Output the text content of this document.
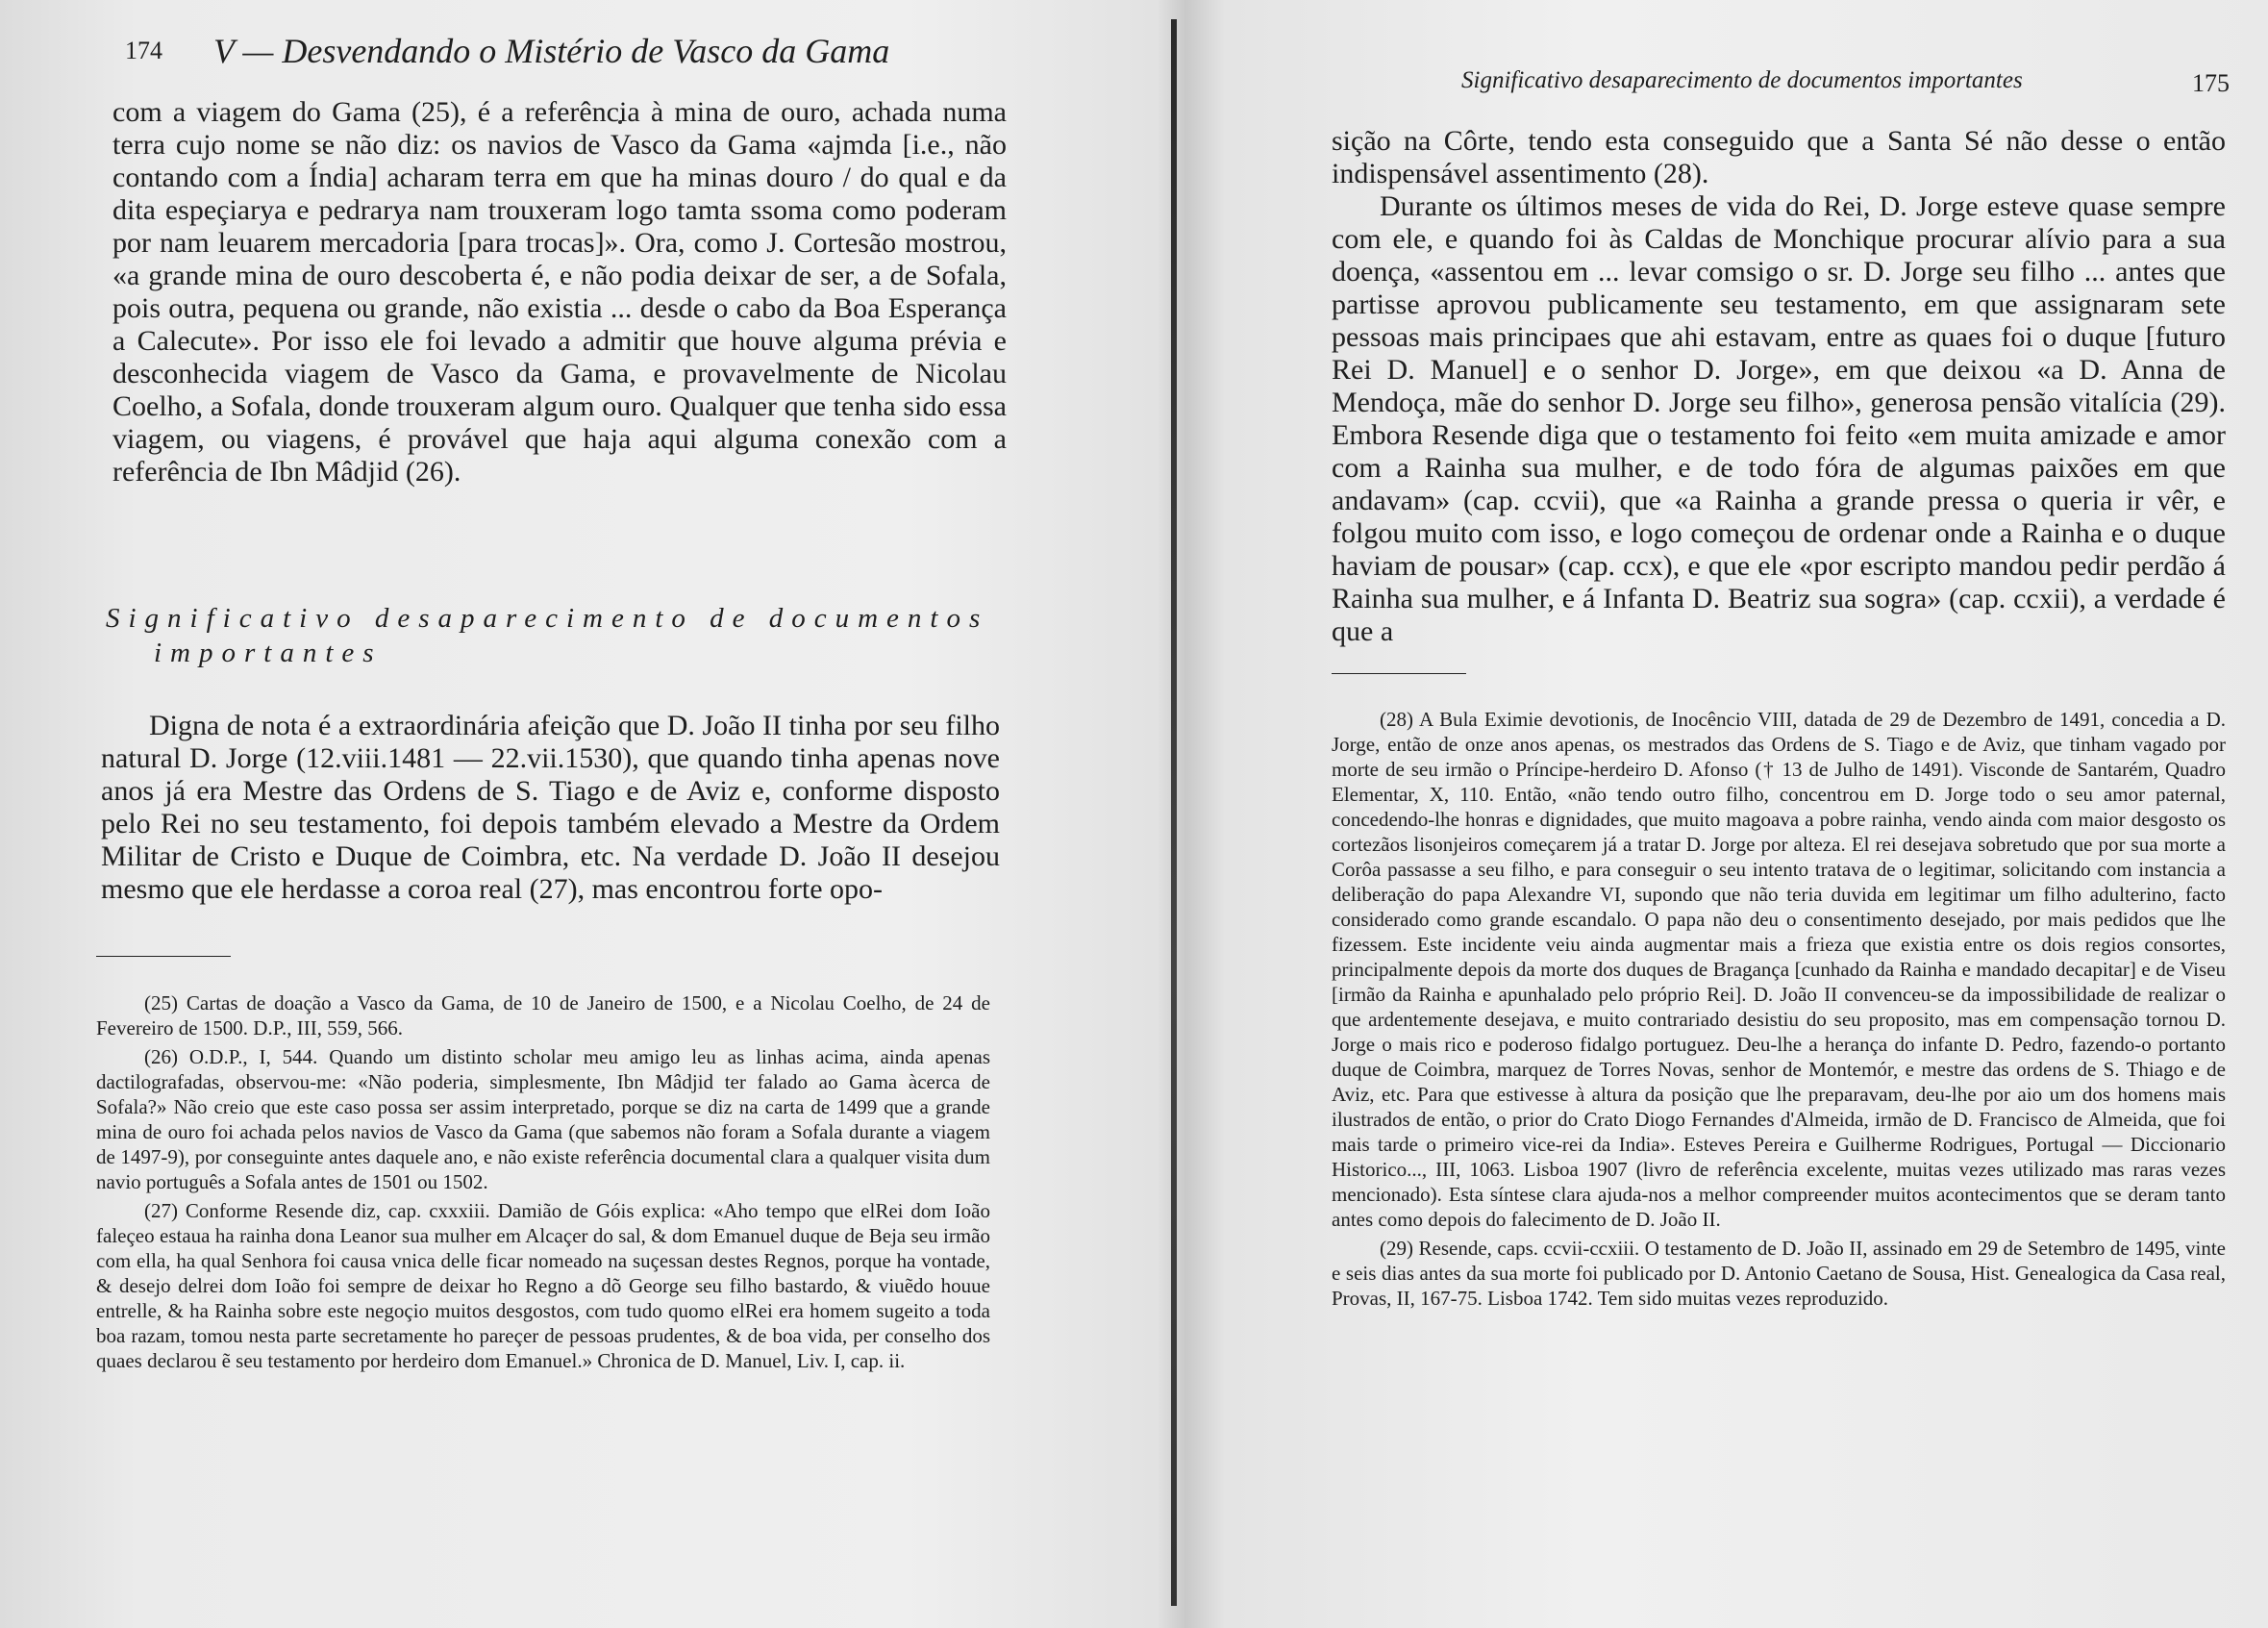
174 V — Desvendando o Mistério de Vasco da Gama

com a viagem do Gama (25), é a referência à mina de ouro, achada numa terra cujo nome se não diz: os navios de Vasco da Gama «ajmda [i.e., não contando com a Índia] acharam terra em que ha minas douro / do qual e da dita espeçiarya e pedrarya nam trouxeram logo tamta ssoma como poderam por nam leuarem mercadoria [para trocas]». Ora, como J. Cortesão mostrou, «a grande mina de ouro descoberta é, e não podia deixar de ser, a de Sofala, pois outra, pequena ou grande, não existia ... desde o cabo da Boa Esperança a Calecute». Por isso ele foi levado a admitir que houve alguma prévia e desconhecida viagem de Vasco da Gama, e provavelmente de Nicolau Coelho, a Sofala, donde trouxeram algum ouro. Qualquer que tenha sido essa viagem, ou viagens, é provável que haja aqui alguma conexão com a referência de Ibn Mâdjid (26).

Significativo desaparecimento de documentos
importantes

Digna de nota é a extraordinária afeição que D. João II tinha por seu filho natural D. Jorge (12.viii.1481 — 22.vii.1530), que quando tinha apenas nove anos já era Mestre das Ordens de S. Tiago e de Aviz e, conforme disposto pelo Rei no seu testamento, foi depois também elevado a Mestre da Ordem Militar de Cristo e Duque de Coimbra, etc. Na verdade D. João II desejou mesmo que ele herdasse a coroa real (27), mas encontrou forte opo-

(25) Cartas de doação a Vasco da Gama, de 10 de Janeiro de 1500, e a Nicolau Coelho, de 24 de Fevereiro de 1500. D.P., III, 559, 566.

(26) O.D.P., I, 544. Quando um distinto scholar meu amigo leu as linhas acima, ainda apenas dactilografadas, observou-me: «Não poderia, simplesmente, Ibn Mâdjid ter falado ao Gama àcerca de Sofala?» Não creio que este caso possa ser assim interpretado, porque se diz na carta de 1499 que a grande mina de ouro foi achada pelos navios de Vasco da Gama (que sabemos não foram a Sofala durante a viagem de 1497-9), por conseguinte antes daquele ano, e não existe referência documental clara a qualquer visita dum navio português a Sofala antes de 1501 ou 1502.

(27) Conforme Resende diz, cap. cxxxiii. Damião de Góis explica: «Aho tempo que elRei dom Ioão faleçeo estaua ha rainha dona Leanor sua mulher em Alcaçer do sal, & dom Emanuel duque de Beja seu irmão com ella, ha qual Senhora foi causa vnica delle ficar nomeado na suçessan destes Regnos, porque ha vontade, & desejo delrei dom Ioão foi sempre de deixar ho Regno a dõ George seu filho bastardo, & viuẽdo houue entrelle, & ha Rainha sobre este negoçio muitos desgostos, com tudo quomo elRei era homem sugeito a toda boa razam, tomou nesta parte secretamente ho pareçer de pessoas prudentes, & de boa vida, per conselho dos quaes declarou ẽ seu testamento por herdeiro dom Emanuel.» Chronica de D. Manuel, Liv. I, cap. ii.

Significativo desaparecimento de documentos importantes	175

sição na Côrte, tendo esta conseguido que a Santa Sé não desse o então indispensável assentimento (28).

Durante os últimos meses de vida do Rei, D. Jorge esteve quase sempre com ele, e quando foi às Caldas de Monchique procurar alívio para a sua doença, «assentou em ... levar comsigo o sr. D. Jorge seu filho ... antes que partisse aprovou publicamente seu testamento, em que assignaram sete pessoas mais principaes que ahi estavam, entre as quaes foi o duque [futuro Rei D. Manuel] e o senhor D. Jorge», em que deixou «a D. Anna de Mendoça, mãe do senhor D. Jorge seu filho», generosa pensão vitalícia (29). Embora Resende diga que o testamento foi feito «em muita amizade e amor com a Rainha sua mulher, e de todo fóra de algumas paixões em que andavam» (cap. ccvii), que «a Rainha a grande pressa o queria ir vêr, e folgou muito com isso, e logo começou de ordenar onde a Rainha e o duque haviam de pousar» (cap. ccx), e que ele «por escripto mandou pedir perdão á Rainha sua mulher, e á Infanta D. Beatriz sua sogra» (cap. ccxii), a verdade é que a

(28) A Bula Eximie devotionis, de Inocêncio VIII, datada de 29 de Dezembro de 1491, concedia a D. Jorge, então de onze anos apenas, os mestrados das Ordens de S. Tiago e de Aviz, que tinham vagado por morte de seu irmão o Príncipe-herdeiro D. Afonso († 13 de Julho de 1491). Visconde de Santarém, Quadro Elementar, X, 110. Então, «não tendo outro filho, concentrou em D. Jorge todo o seu amor paternal, concedendo-lhe honras e dignidades, que muito magoava a pobre rainha, vendo ainda com maior desgosto os cortezãos lisonjeiros começarem já a tratar D. Jorge por alteza. El rei desejava sobretudo que por sua morte a Corôa passasse a seu filho, e para conseguir o seu intento tratava de o legitimar, solicitando com instancia a deliberação do papa Alexandre VI, supondo que não teria duvida em legitimar um filho adulterino, facto considerado como grande escandalo. O papa não deu o consentimento desejado, por mais pedidos que lhe fizessem. Este incidente veiu ainda augmentar mais a frieza que existia entre os dois regios consortes, principalmente depois da morte dos duques de Bragança [cunhado da Rainha e mandado decapitar] e de Viseu [irmão da Rainha e apunhalado pelo próprio Rei]. D. João II convenceu-se da impossibilidade de realizar o que ardentemente desejava, e muito contrariado desistiu do seu proposito, mas em compensação tornou D. Jorge o mais rico e poderoso fidalgo portuguez. Deu-lhe a herança do infante D. Pedro, fazendo-o portanto duque de Coimbra, marquez de Torres Novas, senhor de Montemór, e mestre das ordens de S. Thiago e de Aviz, etc. Para que estivesse à altura da posição que lhe preparavam, deu-lhe por aio um dos homens mais ilustrados de então, o prior do Crato Diogo Fernandes d'Almeida, irmão de D. Francisco de Almeida, que foi mais tarde o primeiro vice-rei da India». Esteves Pereira e Guilherme Rodrigues, Portugal — Diccionario Historico..., III, 1063. Lisboa 1907 (livro de referência excelente, muitas vezes utilizado mas raras vezes mencionado). Esta síntese clara ajuda-nos a melhor compreender muitos acontecimentos que se deram tanto antes como depois do falecimento de D. João II.

(29) Resende, caps. ccvii-ccxiii. O testamento de D. João II, assinado em 29 de Setembro de 1495, vinte e seis dias antes da sua morte foi publicado por D. Antonio Caetano de Sousa, Hist. Genealogica da Casa real, Provas, II, 167-75. Lisboa 1742. Tem sido muitas vezes reproduzido.
